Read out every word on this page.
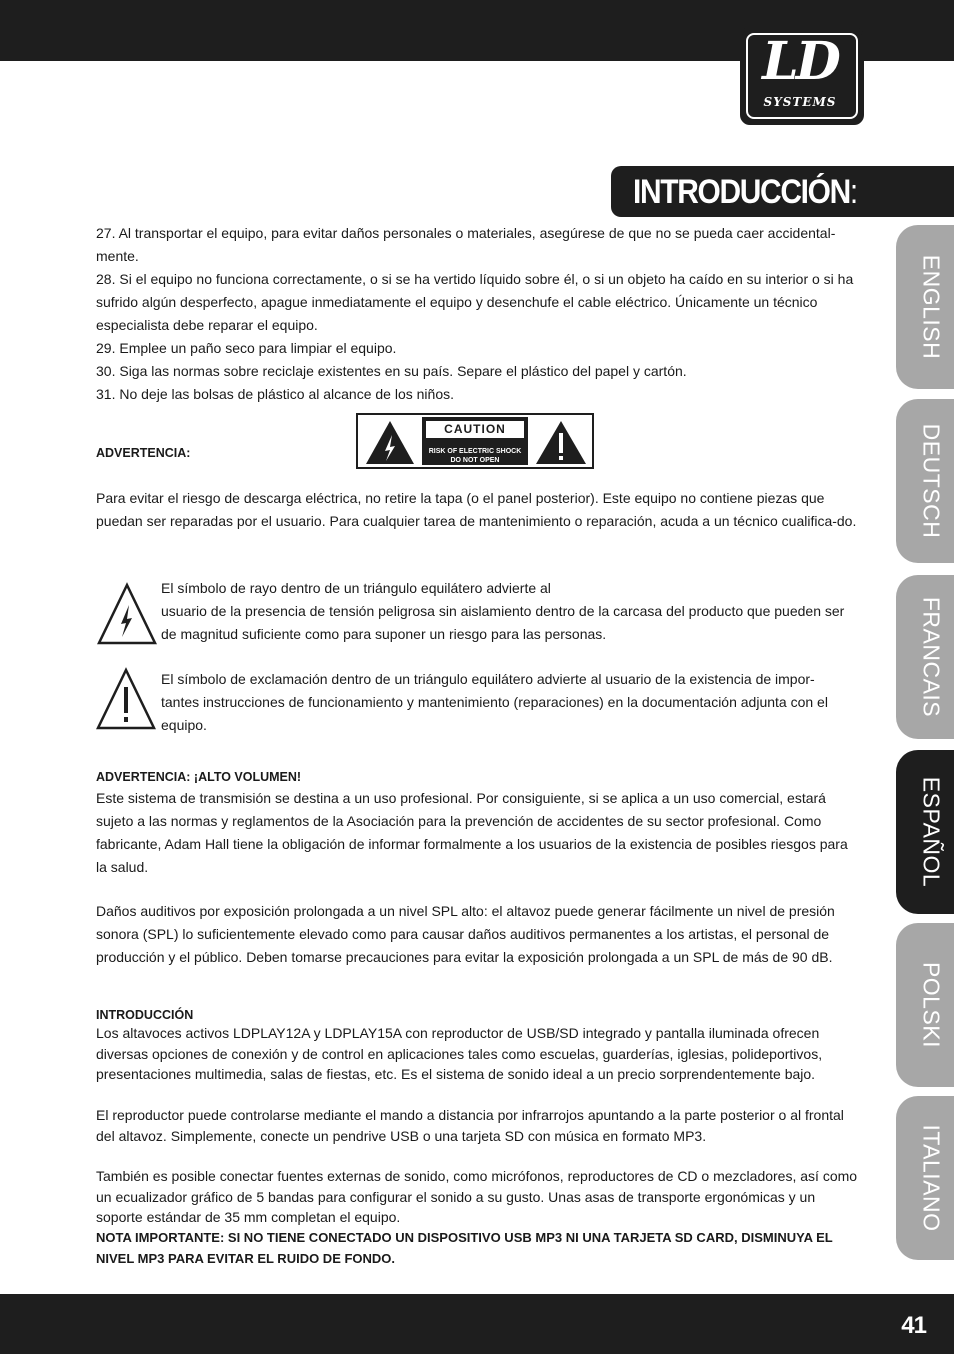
LD
SYSTEMS
INTRODUCCIÓN:
ENGLISH
DEUTSCH
FRANCAIS
ESPAÑOL
POLSKI
ITALIANO

27. Al transportar el equipo, para evitar daños personales o materiales, asegúrese de que no se pueda caer accidental-mente.

28. Si el equipo no funciona correctamente, o si se ha vertido líquido sobre él, o si un objeto ha caído en su interior o si ha sufrido algún desperfecto, apague inmediatamente el equipo y desenchufe el cable eléctrico. Únicamente un técnico especialista debe reparar el equipo.

29. Emplee un paño seco para limpiar el equipo.

30. Siga las normas sobre reciclaje existentes en su país. Separe el plástico del papel y cartón.

31. No deje las bolsas de plástico al alcance de los niños.

ADVERTENCIA:
CAUTION
RISK OF ELECTRIC SHOCK
DO NOT OPEN
Para evitar el riesgo de descarga eléctrica, no retire la tapa (o el panel posterior). Este equipo no contiene piezas que puedan ser reparadas por el usuario. Para cualquier tarea de mantenimiento o reparación, acuda a un técnico cualifica-do.

El símbolo de rayo dentro de un triángulo equilátero advierte al

usuario de la presencia de tensión peligrosa sin aislamiento dentro de la carcasa del producto que pueden ser de magnitud suficiente como para suponer un riesgo para las personas.

El símbolo de exclamación dentro de un triángulo equilátero advierte al usuario de la existencia de impor-tantes instrucciones de funcionamiento y mantenimiento (reparaciones) en la documentación adjunta con el equipo.
ADVERTENCIA: ¡ALTO VOLUMEN!
Este sistema de transmisión se destina a un uso profesional. Por consiguiente, si se aplica a un uso comercial, estará sujeto a las normas y reglamentos de la Asociación para la prevención de accidentes de su sector profesional. Como fabricante, Adam Hall tiene la obligación de informar formalmente a los usuarios de la existencia de posibles riesgos para la salud.
Daños auditivos por exposición prolongada a un nivel SPL alto: el altavoz puede generar fácilmente un nivel de presión sonora (SPL) lo suficientemente elevado como para causar daños auditivos permanentes a los artistas, el personal de producción y el público. Deben tomarse precauciones para evitar la exposición prolongada a un SPL de más de 90 dB.
INTRODUCCIÓN
Los altavoces activos LDPLAY12A y LDPLAY15A con reproductor de USB/SD integrado y pantalla iluminada ofrecen diversas opciones de conexión y de control en aplicaciones tales como escuelas, guarderías, iglesias, polideportivos, presentaciones multimedia, salas de fiestas, etc. Es el sistema de sonido ideal a un precio sorprendentemente bajo.
El reproductor puede controlarse mediante el mando a distancia por infrarrojos apuntando a la parte posterior o al frontal del altavoz. Simplemente, conecte un pendrive USB o una tarjeta SD con música en formato MP3.
También es posible conectar fuentes externas de sonido, como micrófonos, reproductores de CD o mezcladores, así como un ecualizador gráfico de 5 bandas para configurar el sonido a su gusto. Unas asas de transporte ergonómicas y un soporte estándar de 35 mm completan el equipo.
NOTA IMPORTANTE: SI NO TIENE CONECTADO UN DISPOSITIVO USB MP3 NI UNA TARJETA SD CARD, DISMINUYA EL NIVEL MP3 PARA EVITAR EL RUIDO DE FONDO.
41
